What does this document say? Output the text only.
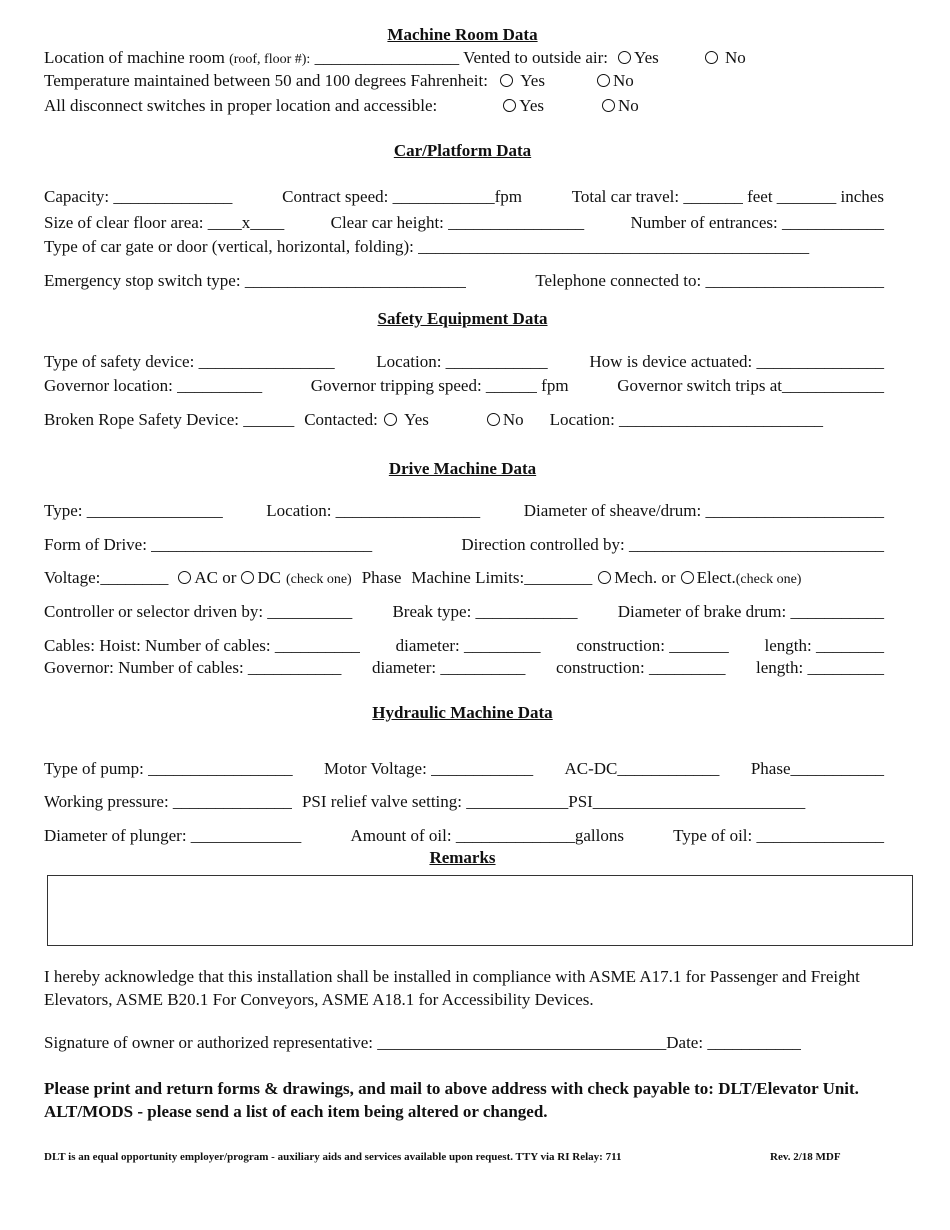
Machine Room Data
Location of machine room
(roof, floor #):
_________________ Vented to outside air:	Yes	No
Temperature maintained between 50 and 100 degrees Fahrenheit:	Yes	No
All disconnect switches in proper location and accessible:	Yes	No
Car/Platform Data
Capacity: ______________	Contract speed: ____________fpm	Total car travel: _______ feet _______ inches
Size of clear floor area: ____x____	Clear car height: ________________	Number of entrances: ____________
Type of car gate or door (vertical, horizontal, folding): ______________________________________________
Emergency stop switch type: __________________________	Telephone connected to: _____________________
Safety Equipment Data
Type of safety device: ________________ Location: ____________ How is device actuated: _______________
Governor location: __________	Governor tripping speed: ______ fpm	Governor switch trips at____________
Broken Rope Safety Device: ______ Contacted:	Yes	No Location: ________________________
Drive Machine Data
Type: ________________	Location: _________________	Diameter of sheave/drum: _____________________
Form of Drive: __________________________	Direction controlled by: ______________________________
Voltage:________	AC or	DC (check one) Phase Machine Limits:________	Mech. or	Elect. (check one)
Controller or selector driven by: __________ Break type: ____________ Diameter of brake drum: ___________
Cables: Hoist: Number of cables: __________ diameter: _________ construction: _______ length: ________
Governor: Number of cables: ___________ diameter: __________ construction: _________ length: _________
Hydraulic Machine Data
Type of pump: _________________ Motor Voltage: ____________ AC-DC____________ Phase___________
Working pressure: ______________ PSI relief valve setting: ____________PSI_________________________
Diameter of plunger: _____________	Amount of oil: ______________gallons	Type of oil: _______________
Remarks
I hereby acknowledge that this installation shall be installed in compliance with ASME A17.1 for Passenger and Freight Elevators, ASME B20.1 For Conveyors, ASME A18.1 for Accessibility Devices.
Signature of owner or authorized representative: __________________________________ Date: ___________
Please print and return forms & drawings, and mail to above address with check payable to: DLT/Elevator Unit. ALT/MODS - please send a list of each item being altered or changed.
DLT is an equal opportunity employer/program - auxiliary aids and services available upon request. TTY via RI Relay: 711	Rev. 2/18 MDF
